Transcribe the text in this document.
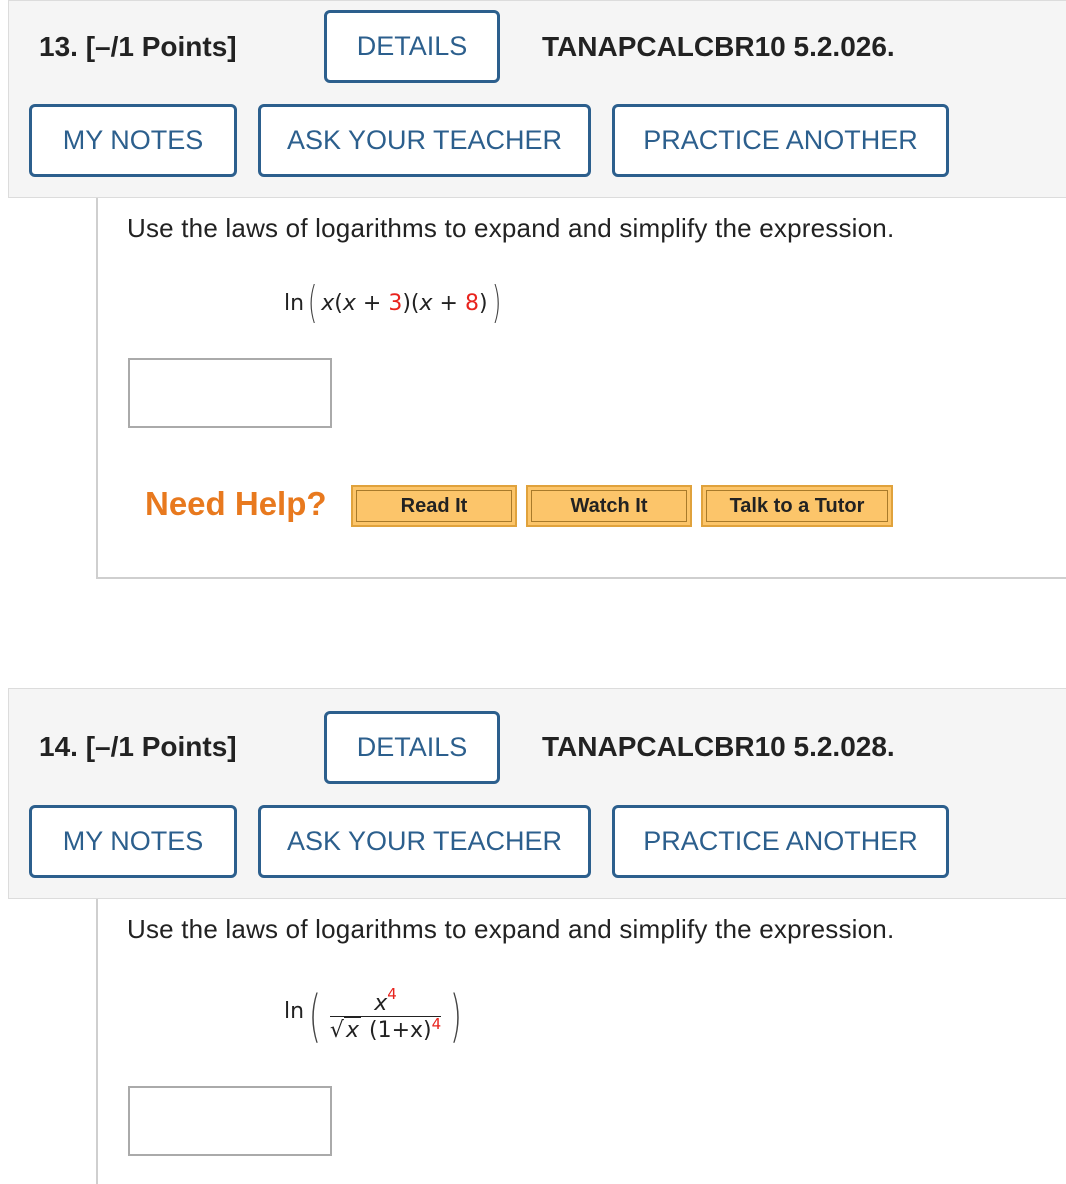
13. [–/1 Points]	DETAILS	TANAPCALCBR10 5.2.026.
MY NOTES	ASK YOUR TEACHER	PRACTICE ANOTHER
Use the laws of logarithms to expand and simplify the expression.
ln ( x ( x + 3 )( x + 8 ) )
Need Help?	Read It	Watch It	Talk to a Tutor
14. [–/1 Points]	DETAILS	TANAPCALCBR10 5.2.028.
MY NOTES	ASK YOUR TEACHER	PRACTICE ANOTHER
Use the laws of logarithms to expand and simplify the expression.
ln ( $\frac{x^4}{√ x (1+x)^4}$ )
